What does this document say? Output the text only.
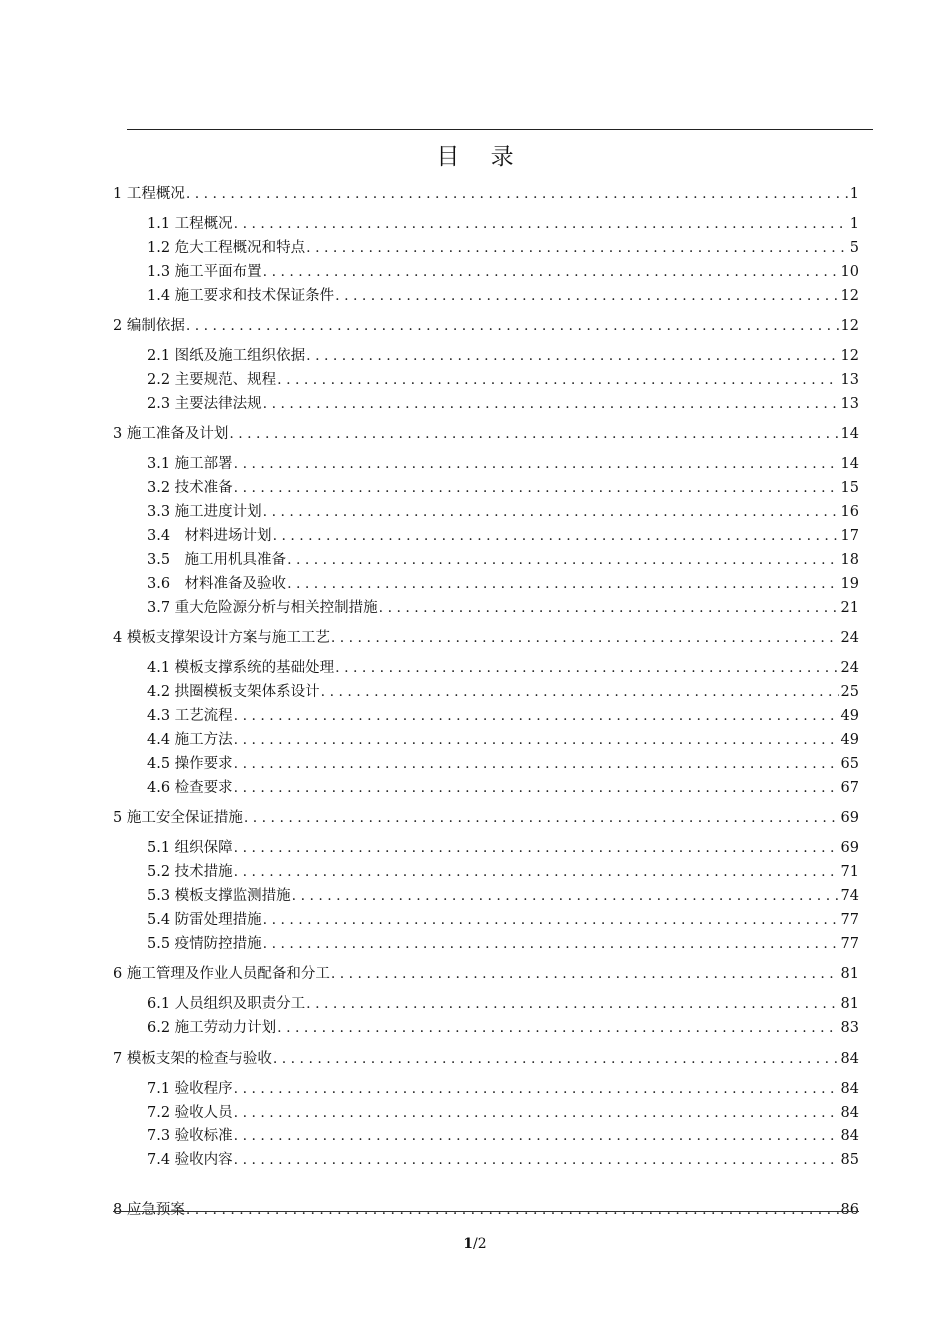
目 录
1 工程概况 . . .	1
1.1 工程概况 . . .	1
1.2 危大工程概况和特点 . . .	5
1.3 施工平面布置 . . .	10
1.4 施工要求和技术保证条件 . . .	12
2 编制依据 . . .	12
2.1 图纸及施工组织依据 . . .	12
2.2 主要规范、规程 . . .	13
2.3 主要法律法规 . . .	13
3 施工准备及计划 . . .	14
3.1 施工部署 . . .	14
3.2 技术准备 . . .	15
3.3 施工进度计划 . . .	16
3.4　材料进场计划 . . .	17
3.5　施工用机具准备 . . .	18
3.6　材料准备及验收 . . .	19
3.7 重大危险源分析与相关控制措施 . . .	21
4 模板支撑架设计方案与施工工艺 . . .	24
4.1 模板支撑系统的基础处理 . . .	24
4.2 拱圈模板支架体系设计 . . .	25
4.3 工艺流程 . . .	49
4.4 施工方法 . . .	49
4.5 操作要求 . . .	65
4.6 检查要求 . . .	67
5 施工安全保证措施 . . .	69
5.1 组织保障 . . .	69
5.2 技术措施 . . .	71
5.3 模板支撑监测措施 . . .	74
5.4 防雷处理措施 . . .	77
5.5 疫情防控措施 . . .	77
6 施工管理及作业人员配备和分工 . . .	81
6.1 人员组织及职责分工 . . .	81
6.2 施工劳动力计划 . . .	83
7 模板支架的检查与验收 . . .	84
7.1 验收程序 . . .	84
7.2 验收人员 . . .	84
7.3 验收标准 . . .	84
7.4 验收内容 . . .	85
8 应急预案 . . .	86
1/2
